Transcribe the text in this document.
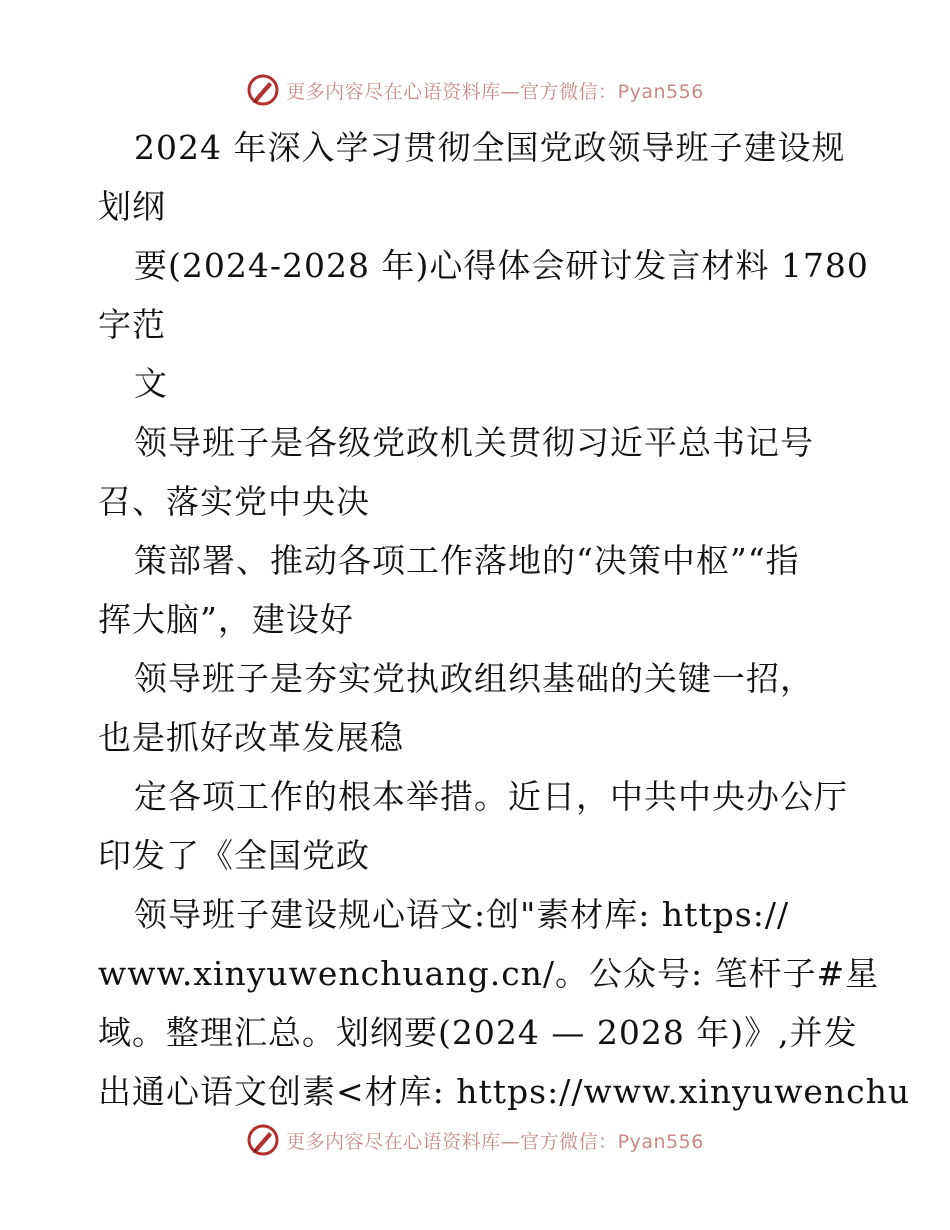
更多内容尽在心语资料库—官方微信：Pyan556
2024 年深入学习贯彻全国党政领导班子建设规
划纲
要(2024-2028 年)心得体会研讨发言材料 1780
字范
文
领导班子是各级党政机关贯彻习近平总书记号
召、落实党中央决
策部署、推动各项工作落地的“决策中枢”“指
挥大脑”，建设好
领导班子是夯实党执政组织基础的关键一招，
也是抓好改革发展稳
定各项工作的根本举措。近日，中共中央办公厅
印发了《全国党政
领导班子建设规心语文:创"素材库: https://
www.xinyuwenchuang.cn/。公众号: 笔杆子#星
域。整理汇总。划纲要(2024 — 2028 年)》,并发
出通心语文创素<材库: https://www.xinyuwenchu
更多内容尽在心语资料库—官方微信：Pyan556
